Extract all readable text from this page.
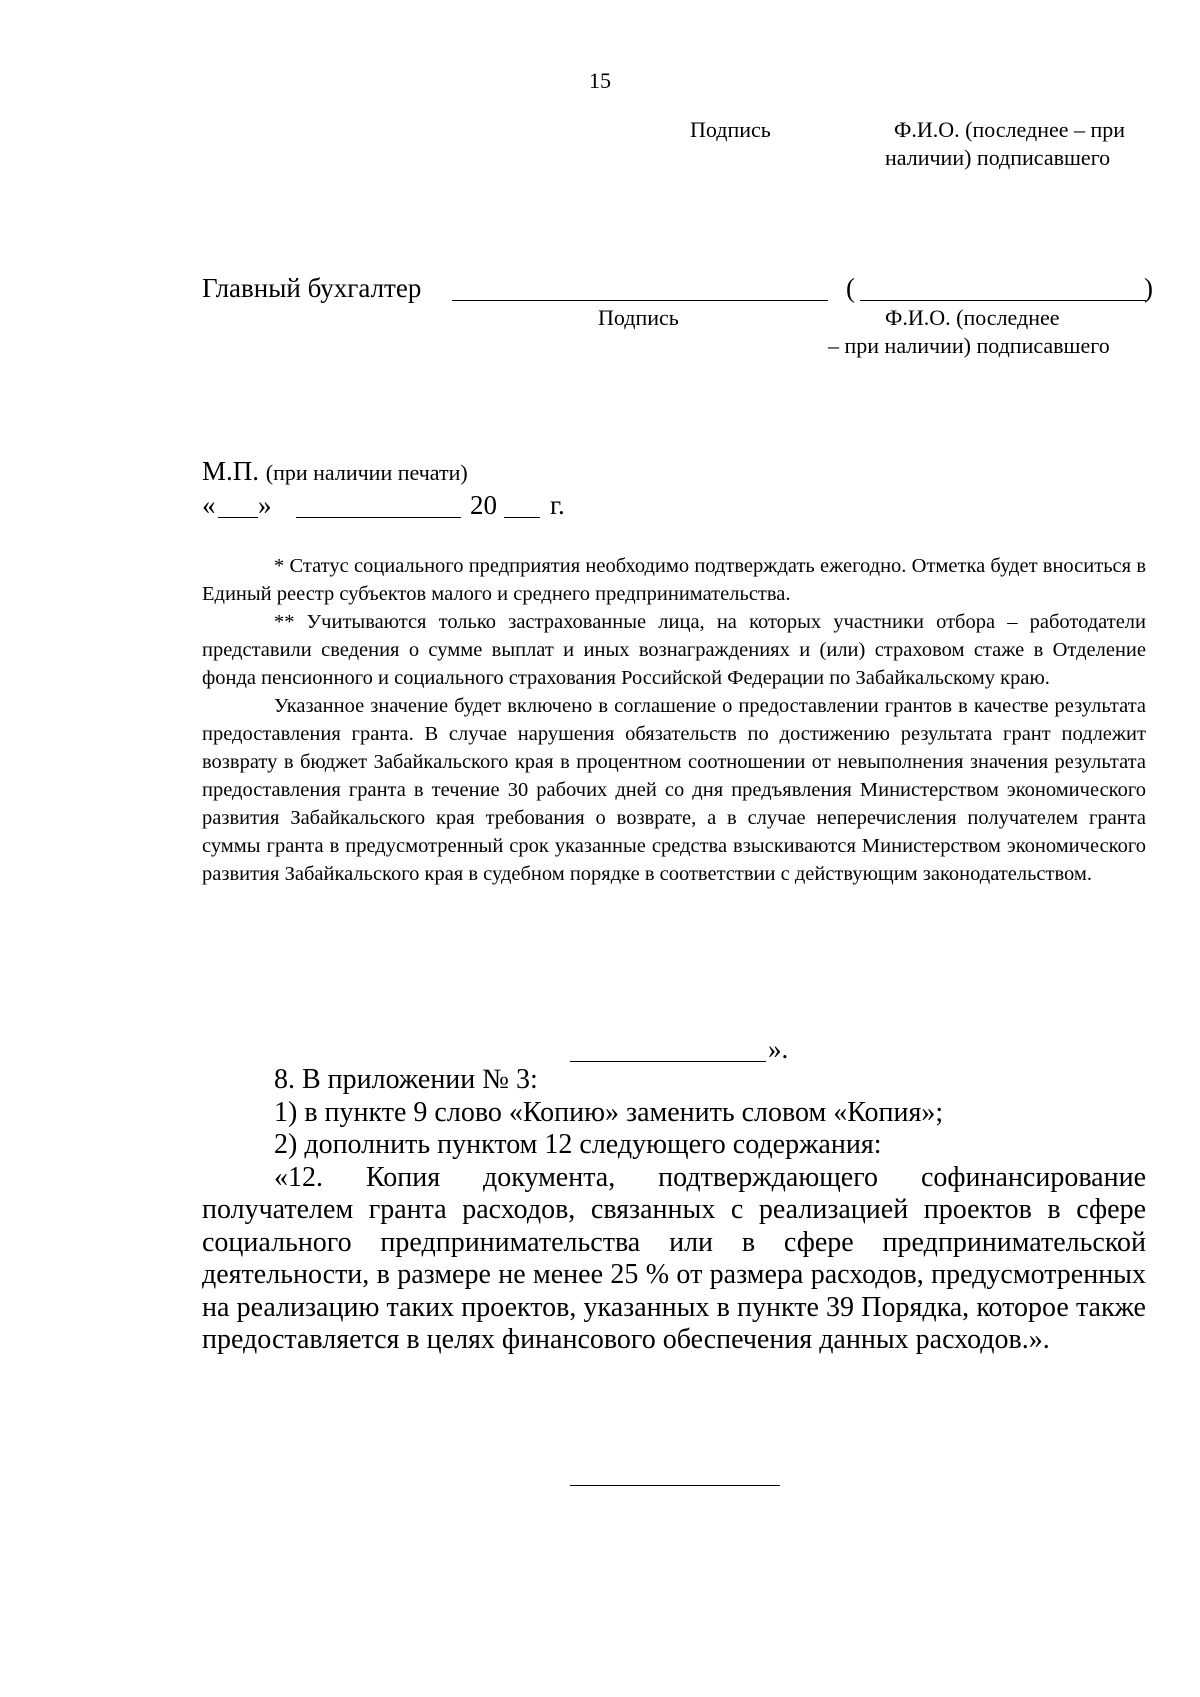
15
Подпись	Ф.И.О. (последнее – при
наличии) подписавшего
Главный бухгалтер	(	)
Подпись	Ф.И.О. (последнее
– при наличии) подписавшего
М.П. (при наличии печати)
« »	20 г.

* Статус социального предприятия необходимо подтверждать ежегодно. Отметка будет вноситься в Единый реестр субъектов малого и среднего предпринимательства.

** Учитываются только застрахованные лица, на которых участники отбора – работодатели представили сведения о сумме выплат и иных вознаграждениях и (или) страховом стаже в Отделение фонда пенсионного и социального страхования Российской Федерации по Забайкальскому краю.

Указанное значение будет включено в соглашение о предоставлении грантов в качестве результата предоставления гранта. В случае нарушения обязательств по достижению результата грант подлежит возврату в бюджет Забайкальского края в процентном соотношении от невыполнения значения результата предоставления гранта в течение 30 рабочих дней со дня предъявления Министерством экономического развития Забайкальского края требования о возврате, а в случае неперечисления получателем гранта суммы гранта в предусмотренный срок указанные средства взыскиваются Министерством экономического развития Забайкальского края в судебном порядке в соответствии с действующим законодательством.

».

8. В приложении № 3:

1) в пункте 9 слово «Копию» заменить словом «Копия»;

2) дополнить пунктом 12 следующего содержания:

«12. Копия документа, подтверждающего софинансирование получателем гранта расходов, связанных с реализацией проектов в сфере социального предпринимательства или в сфере предпринимательской деятельности, в размере не менее 25 % от размера расходов, предусмотренных на реализацию таких проектов, указанных в пункте 39 Порядка, которое также предоставляется в целях финансового обеспечения данных расходов.».
